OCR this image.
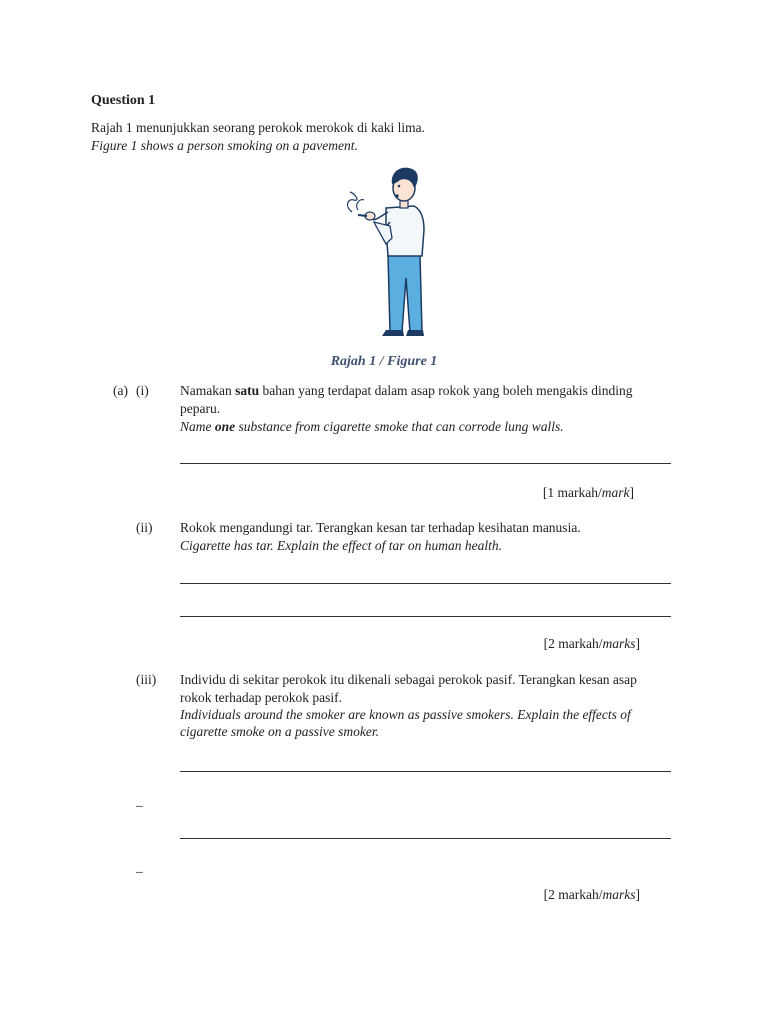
Question 1
Rajah 1 menunjukkan seorang perokok merokok di kaki lima.
Figure 1 shows a person smoking on a pavement.
Rajah 1 / Figure 1
(a) (i) Namakan satu bahan yang terdapat dalam asap rokok yang boleh mengakis dinding
peparu.
Name one substance from cigarette smoke that can corrode lung walls.
[1 markah/mark]
(ii) Rokok mengandungi tar. Terangkan kesan tar terhadap kesihatan manusia.
Cigarette has tar. Explain the effect of tar on human health.
[2 markah/marks]
(iii) Individu di sekitar perokok itu dikenali sebagai perokok pasif. Terangkan kesan asap
rokok terhadap perokok pasif.
Individuals around the smoker are known as passive smokers. Explain the effects of
cigarette smoke on a passive smoker.
_
_
[2 markah/marks]
